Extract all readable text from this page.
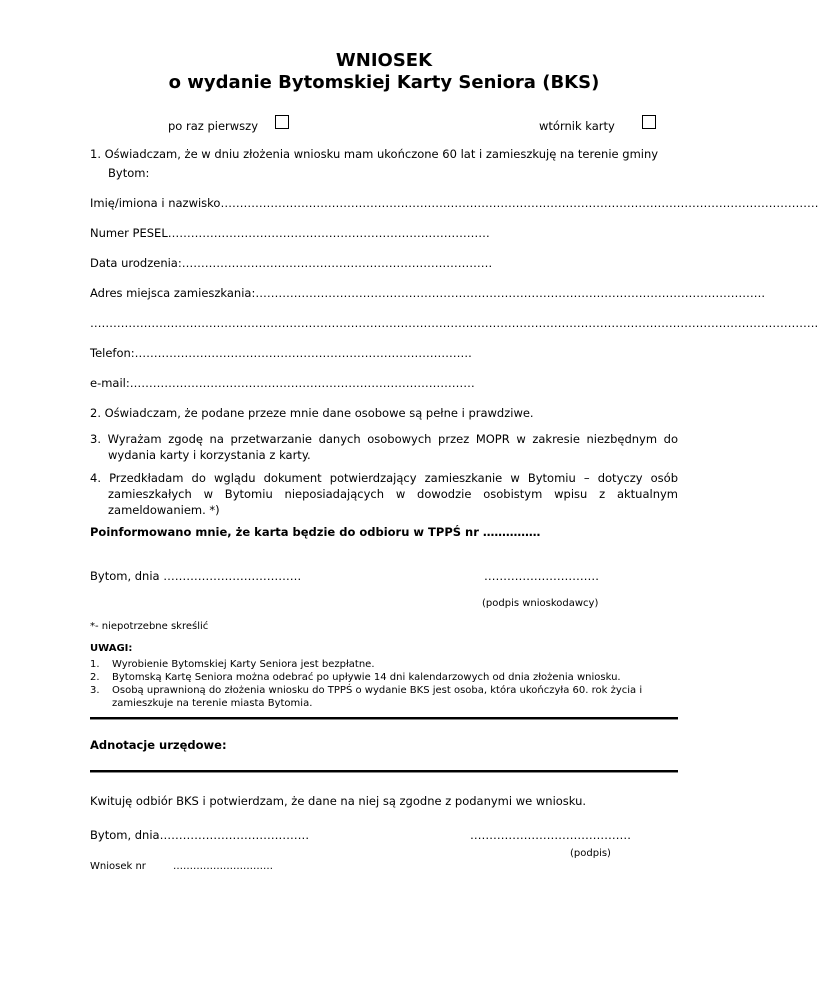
WNIOSEK
o wydanie Bytomskiej Karty Seniora (BKS)
po raz pierwszy	wtórnik karty
1. Oświadczam, że w dniu złożenia wniosku mam ukończone 60 lat i zamieszkuję na terenie gminy
Bytom:
Imię/imiona i nazwisko…………………………………………………………………………………………………………………………………………
Numer PESEL…………………………………………………………………………
Data urodzenia:………………………………………………………………………
Adres miejsca zamieszkania:…………………………………………………………………………………………………………………….
……………………………………………………………………………………………………………………………………………………………………….
Telefon:…………………………………………………………………………….
e-mail:………………………………………………………………………………
2. Oświadczam, że podane przeze mnie dane osobowe są pełne i prawdziwe.
3. Wyrażam zgodę na przetwarzanie danych osobowych przez MOPR w zakresie niezbędnym do wydania karty i korzystania z karty.
4. Przedkładam do wglądu dokument potwierdzający zamieszkanie w Bytomiu – dotyczy osób zamieszkałych w Bytomiu nieposiadających w dowodzie osobistym wpisu z aktualnym zameldowaniem. *)
Poinformowano mnie, że karta będzie do odbioru w TPPŚ nr ……………
Bytom, dnia ………………………………	…………………………
(podpis wnioskodawcy)
*- niepotrzebne skreślić
UWAGI:
1. Wyrobienie Bytomskiej Karty Seniora jest bezpłatne.
2. Bytomską Kartę Seniora można odebrać po upływie 14 dni kalendarzowych od dnia złożenia wniosku.
3. Osobą uprawnioną do złożenia wniosku do TPPŚ o wydanie BKS jest osoba, która ukończyła 60. rok życia i zamieszkuje na terenie miasta Bytomia.
Adnotacje urzędowe:
Kwituję odbiór BKS i potwierdzam, że dane na niej są zgodne z podanymi we wniosku.
Bytom, dnia…………………………………	……………………………………
(podpis)
Wniosek nr	…………………………
